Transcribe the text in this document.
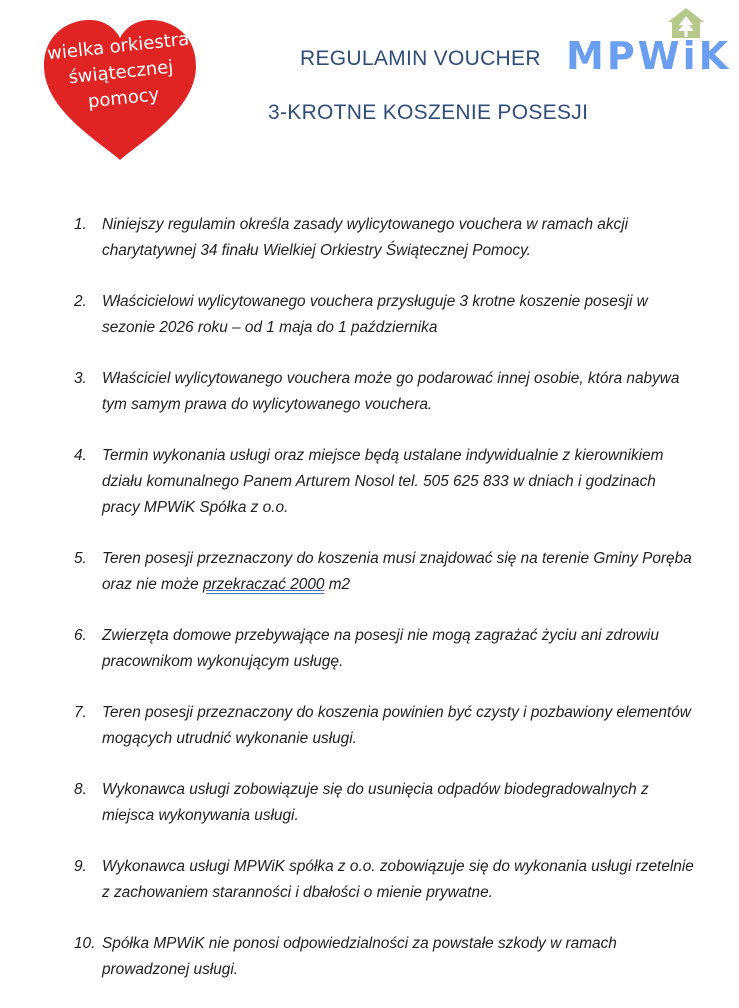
wielka orkiestra
świątecznej
pomocy
REGULAMIN VOUCHER
3-KROTNE KOSZENIE POSESJI
MPWiK
1. Niniejszy regulamin określa zasady wylicytowanego vouchera w ramach akcji charytatywnej 34 finału Wielkiej Orkiestry Świątecznej Pomocy.
2. Właścicielowi wylicytowanego vouchera przysługuje 3 krotne koszenie posesji w sezonie 2026 roku – od 1 maja do 1 października
3. Właściciel wylicytowanego vouchera może go podarować innej osobie, która nabywa tym samym prawa do wylicytowanego vouchera.
4. Termin wykonania usługi oraz miejsce będą ustalane indywidualnie z kierownikiem działu komunalnego Panem Arturem Nosol tel. 505 625 833 w dniach i godzinach pracy MPWiK Spółka z o.o.
5. Teren posesji przeznaczony do koszenia musi znajdować się na terenie Gminy Poręba oraz nie może przekraczać 2000 m2
6. Zwierzęta domowe przebywające na posesji nie mogą zagrażać życiu ani zdrowiu pracownikom wykonującym usługę.
7. Teren posesji przeznaczony do koszenia powinien być czysty i pozbawiony elementów mogących utrudnić wykonanie usługi.
8. Wykonawca usługi zobowiązuje się do usunięcia odpadów biodegradowalnych z miejsca wykonywania usługi.
9. Wykonawca usługi MPWiK spółka z o.o. zobowiązuje się do wykonania usługi rzetelnie z zachowaniem staranności i dbałości o mienie prywatne.
10. Spółka MPWiK nie ponosi odpowiedzialności za powstałe szkody w ramach prowadzonej usługi.
